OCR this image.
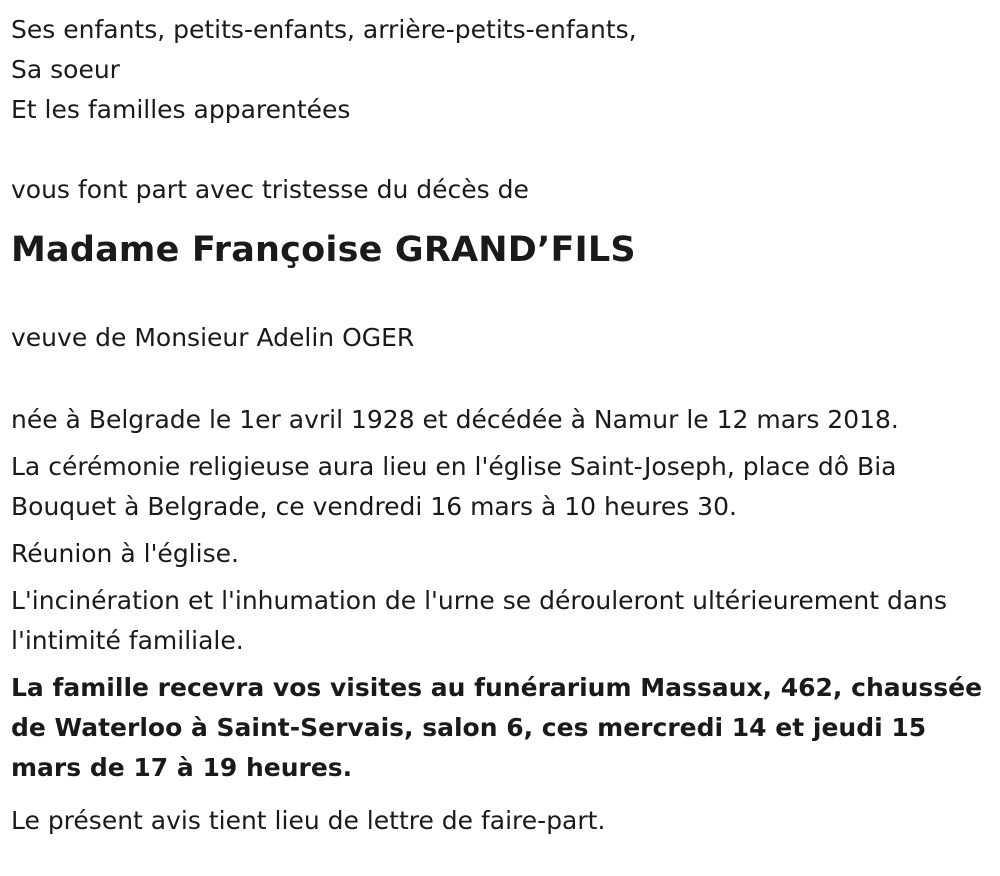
Ses enfants, petits-enfants, arrière-petits-enfants,

Sa soeur

Et les familles apparentées

vous font part avec tristesse du décès de

Madame Françoise GRAND’FILS

veuve de Monsieur Adelin OGER

née à Belgrade le 1er avril 1928 et décédée à Namur le 12 mars 2018.

La cérémonie religieuse aura lieu en l'église Saint-Joseph, place dô Bia Bouquet à Belgrade, ce vendredi 16 mars à 10 heures 30.

Réunion à l'église.

L'incinération et l'inhumation de l'urne se dérouleront ultérieurement dans l'intimité familiale.

La famille recevra vos visites au funérarium Massaux, 462, chaussée de Waterloo à Saint-Servais, salon 6, ces mercredi 14 et jeudi 15 mars de 17 à 19 heures.

Le présent avis tient lieu de lettre de faire-part.
